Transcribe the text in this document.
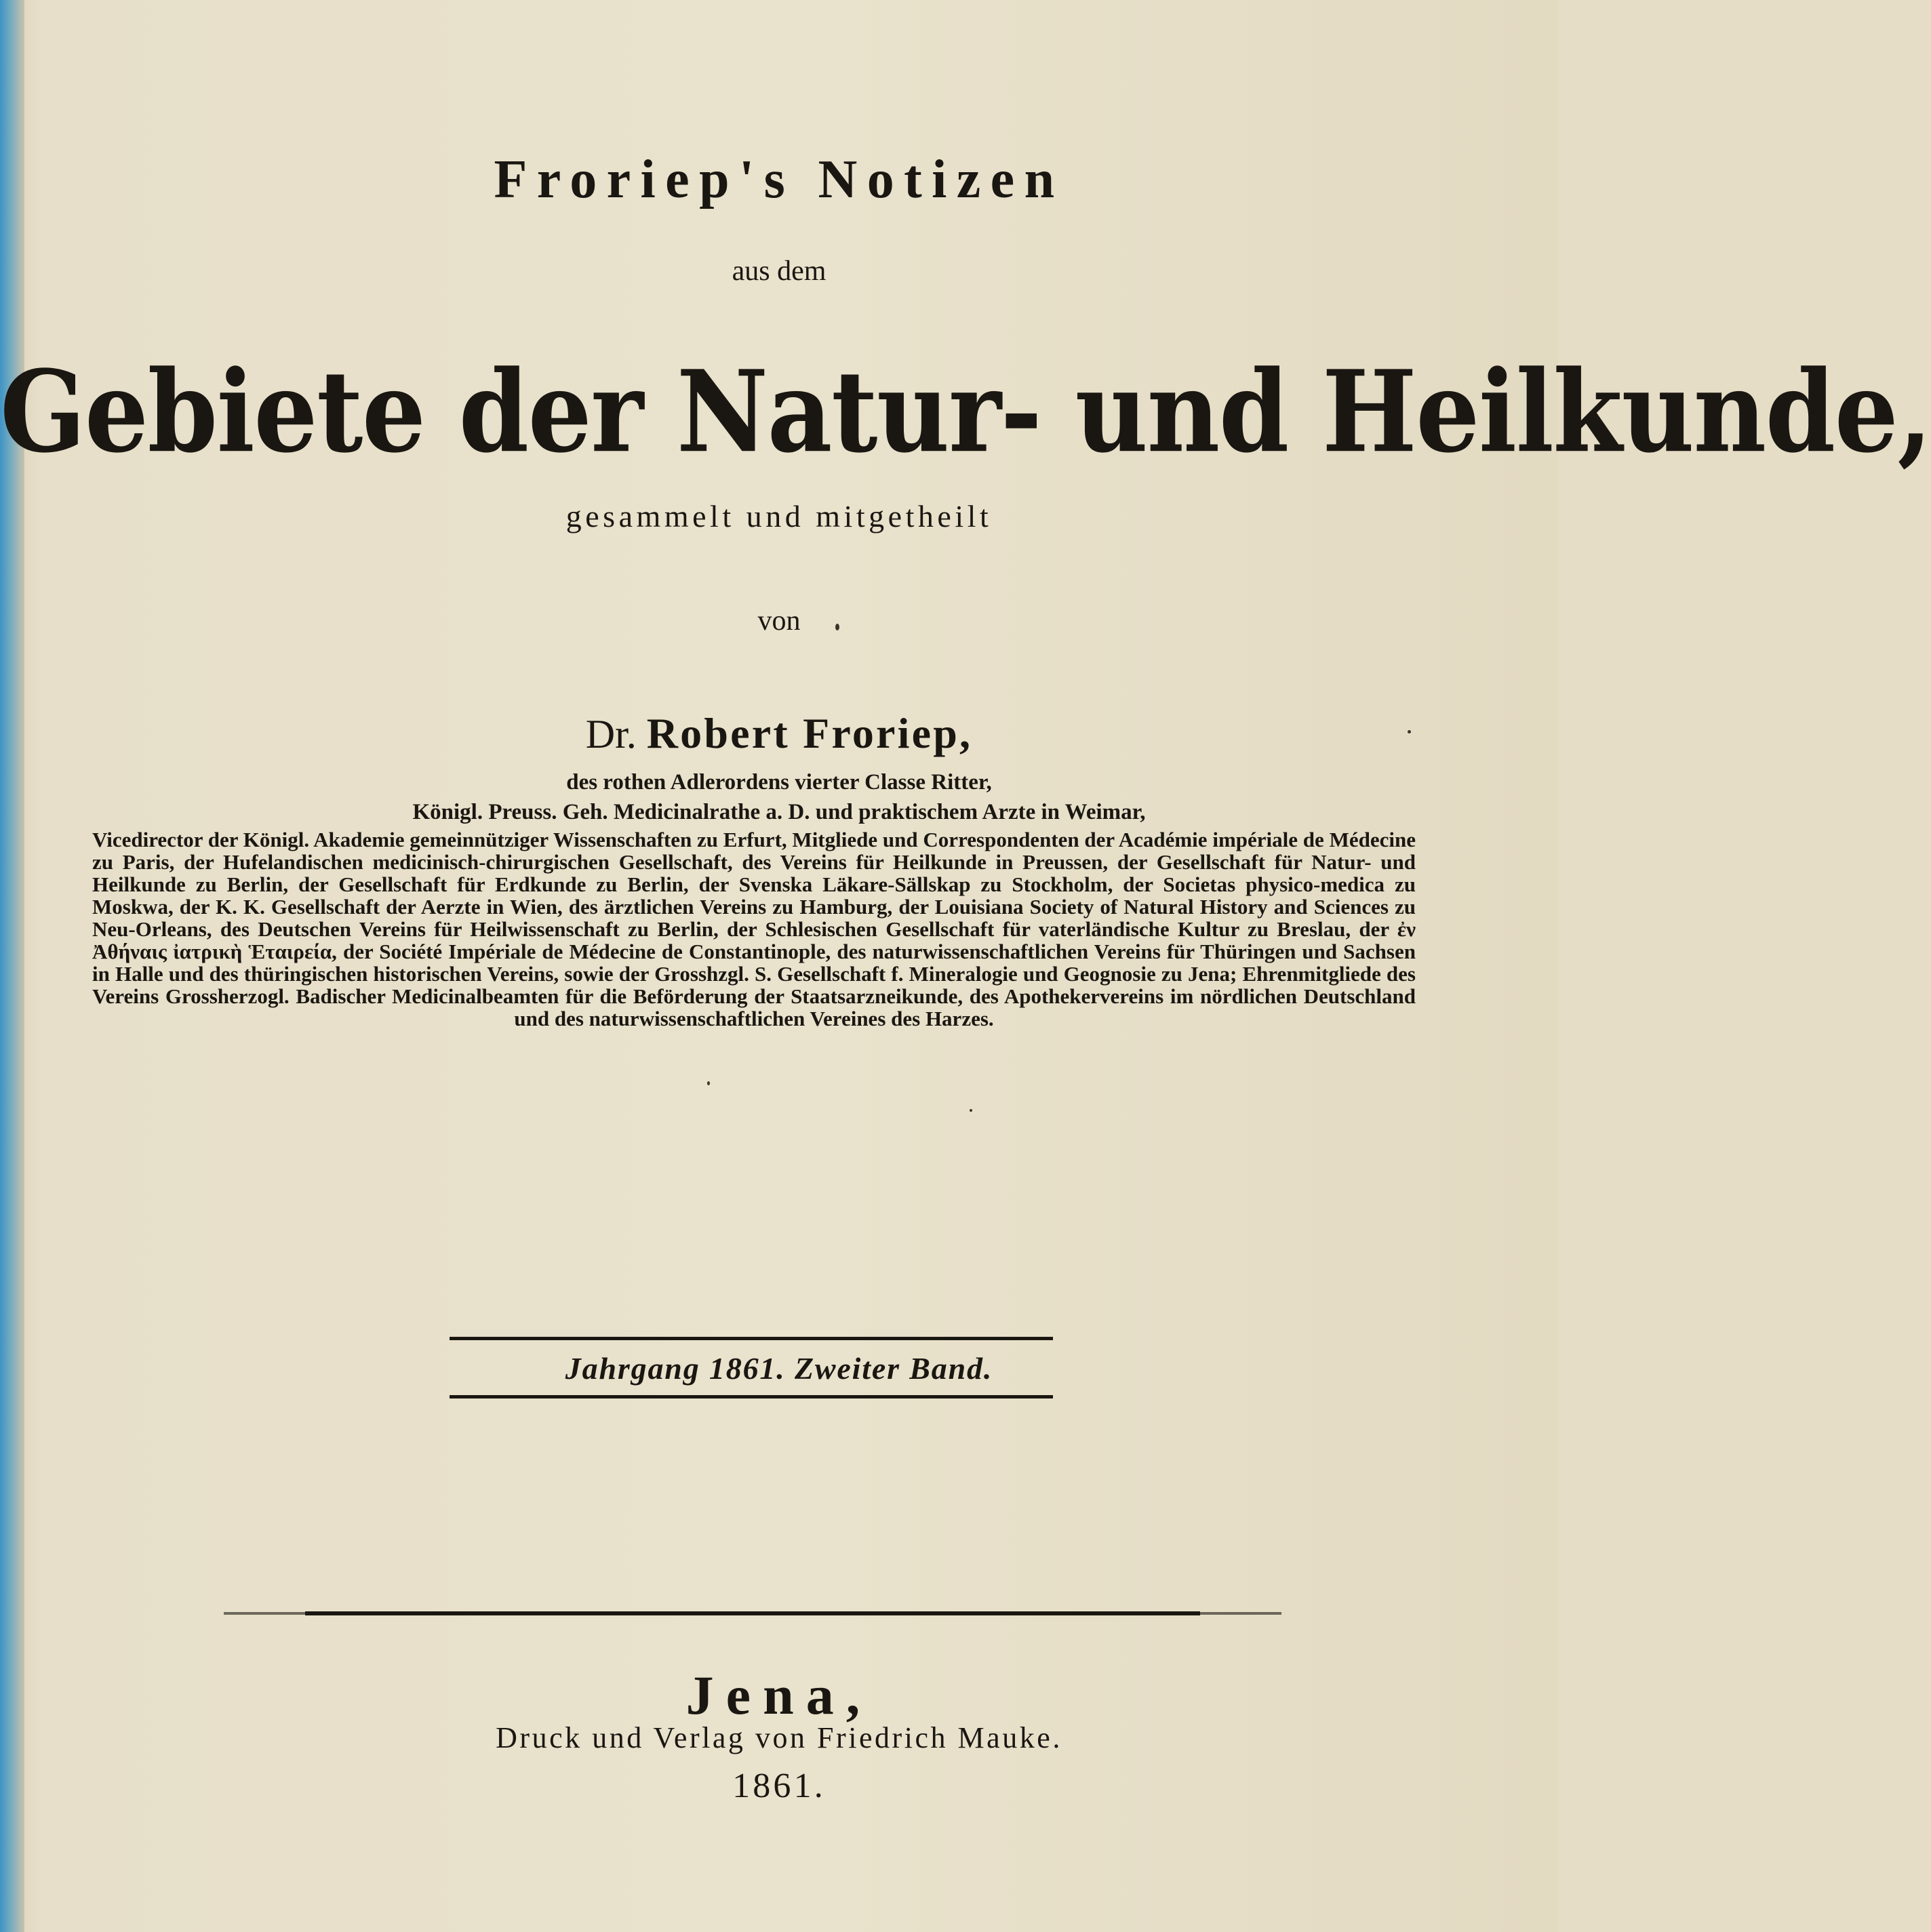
Froriep's Notizen
aus dem
Gebiete der Natur- und Heilkunde,
gesammelt und mitgetheilt
von
Dr. Robert Froriep,
des rothen Adlerordens vierter Classe Ritter,
Königl. Preuss. Geh. Medicinalrathe a. D. und praktischem Arzte in Weimar,
Vicedirector der Königl. Akademie gemeinnütziger Wissenschaften zu Erfurt, Mitgliede und Correspondenten der Académie impériale de Médecine zu Paris, der Hufelandischen medicinisch-chirurgischen Gesellschaft, des Vereins für Heilkunde in Preussen, der Gesellschaft für Natur- und Heilkunde zu Berlin, der Gesellschaft für Erdkunde zu Berlin, der Svenska Läkare-Sällskap zu Stockholm, der Societas physico-medica zu Moskwa, der K. K. Gesellschaft der Aerzte in Wien, des ärztlichen Vereins zu Hamburg, der Louisiana Society of Natural History and Sciences zu Neu-Orleans, des Deutschen Vereins für Heilwissenschaft zu Berlin, der Schlesischen Gesellschaft für vaterländische Kultur zu Breslau, der ἐν Ἀθήναις ἰατρικὴ Ἑταιρεία, der Société Impériale de Médecine de Constantinople, des naturwissenschaftlichen Vereins für Thüringen und Sachsen in Halle und des thüringischen historischen Vereins, sowie der Grosshzgl. S. Gesellschaft f. Mineralogie und Geognosie zu Jena; Ehrenmitgliede des Vereins Grossherzogl. Badischer Medicinalbeamten für die Beförderung der Staatsarzneikunde, des Apothekervereins im nördlichen Deutschland und des naturwissenschaftlichen Vereines des Harzes.
Jahrgang 1861. Zweiter Band.
Jena,
Druck und Verlag von Friedrich Mauke.
1861.
